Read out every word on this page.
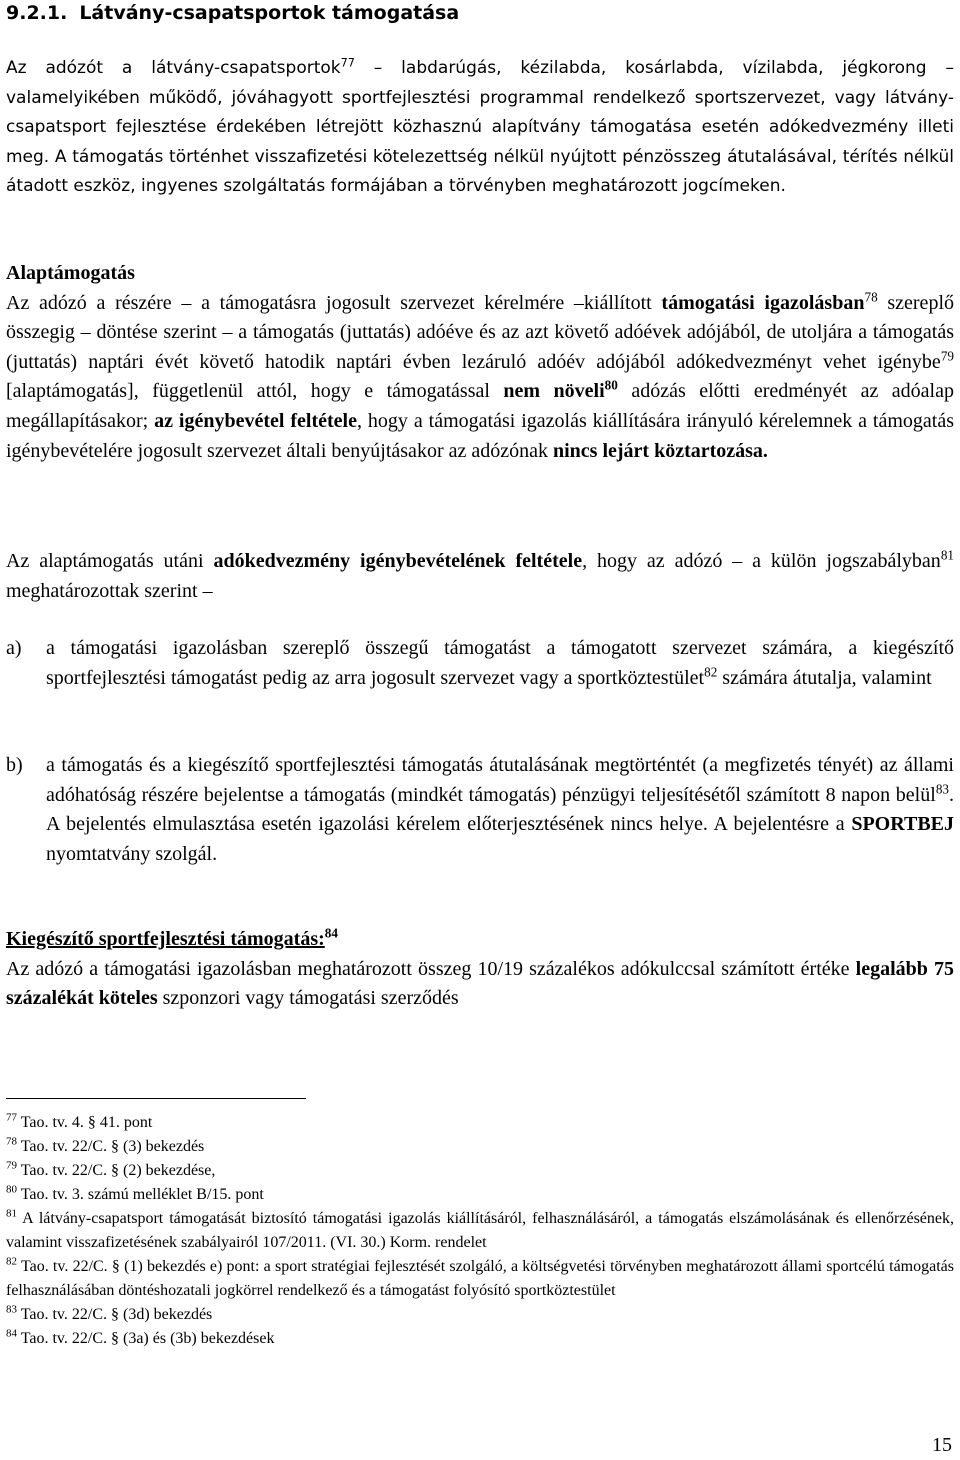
9.2.1. Látvány-csapatsportok támogatása
Az adózót a látvány-csapatsportok$^{77}$ – labdarúgás, kézilabda, kosárlabda, vízilabda, jégkorong – valamelyikében működő, jóváhagyott sportfejlesztési programmal rendelkező sportszervezet, vagy látvány-csapatsport fejlesztése érdekében létrejött közhasznú alapítvány támogatása esetén adókedvezmény illeti meg. A támogatás történhet visszafizetési kötelezettség nélkül nyújtott pénzösszeg átutalásával, térítés nélkül átadott eszköz, ingyenes szolgáltatás formájában a törvényben meghatározott jogcímeken.
Alaptámogatás
Az adózó a részére – a támogatásra jogosult szervezet kérelmére –kiállított támogatási igazolásban$^{78}$ szereplő összegig – döntése szerint – a támogatás (juttatás) adóéve és az azt követő adóévek adójából, de utoljára a támogatás (juttatás) naptári évét követő hatodik naptári évben lezáruló adóév adójából adókedvezményt vehet igénybe$^{79}$ [alaptámogatás], függetlenül attól, hogy e támogatással nem növeli$^{80}$ adózás előtti eredményét az adóalap megállapításakor; az igénybevétel feltétele, hogy a támogatási igazolás kiállítására irányuló kérelemnek a támogatás igénybevételére jogosult szervezet általi benyújtásakor az adózónak nincs lejárt köztartozása.
Az alaptámogatás utáni adókedvezmény igénybevételének feltétele, hogy az adózó – a külön jogszabályban$^{81}$ meghatározottak szerint –
a)	a támogatási igazolásban szereplő összegű támogatást a támogatott szervezet számára, a kiegészítő sportfejlesztési támogatást pedig az arra jogosult szervezet vagy a sportköztestület$^{82}$ számára átutalja, valamint
b)	a támogatás és a kiegészítő sportfejlesztési támogatás átutalásának megtörténtét (a megfizetés tényét) az állami adóhatóság részére bejelentse a támogatás (mindkét támogatás) pénzügyi teljesítésétől számított 8 napon belül$^{83}$. A bejelentés elmulasztása esetén igazolási kérelem előterjesztésének nincs helye. A bejelentésre a SPORTBEJ nyomtatvány szolgál.
Kiegészítő sportfejlesztési támogatás:$^{84}$
Az adózó a támogatási igazolásban meghatározott összeg 10/19 százalékos adókulccsal számított értéke legalább 75 százalékát köteles szponzori vagy támogatási szerződés
$^{77}$ Tao. tv. 4. § 41. pont
$^{78}$ Tao. tv. 22/C. § (3) bekezdés
$^{79}$ Tao. tv. 22/C. § (2) bekezdése,
$^{80}$ Tao. tv. 3. számú melléklet B/15. pont
$^{81}$ A látvány-csapatsport támogatását biztosító támogatási igazolás kiállításáról, felhasználásáról, a támogatás elszámolásának és ellenőrzésének, valamint visszafizetésének szabályairól 107/2011. (VI. 30.) Korm. rendelet
$^{82}$ Tao. tv. 22/C. § (1) bekezdés e) pont: a sport stratégiai fejlesztését szolgáló, a költségvetési törvényben meghatározott állami sportcélú támogatás felhasználásában döntéshozatali jogkörrel rendelkező és a támogatást folyósító sportköztestület
$^{83}$ Tao. tv. 22/C. § (3d) bekezdés
$^{84}$ Tao. tv. 22/C. § (3a) és (3b) bekezdések
15
